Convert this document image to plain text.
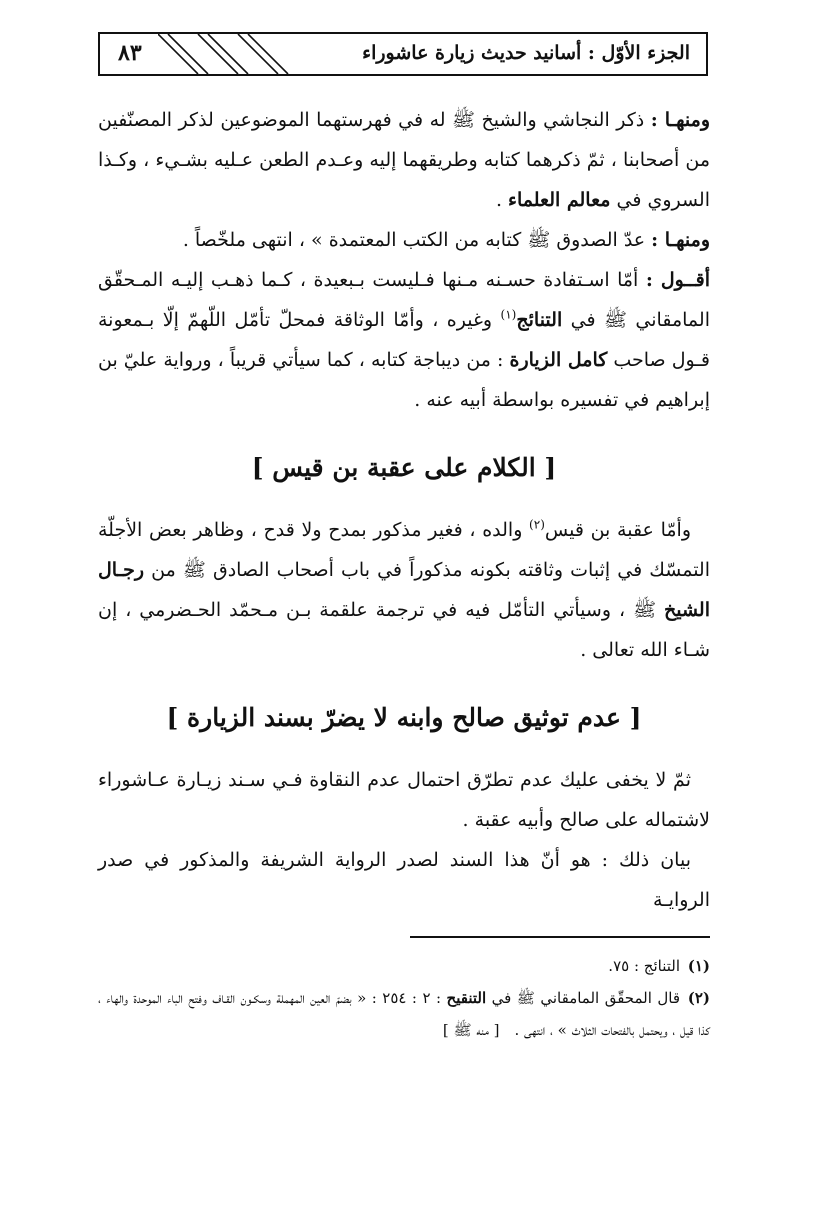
٨٣	الجزء الأوّل : أسانيد حديث زيارة عاشوراء

ومنهـا : ذكر النجاشي والشيخ ﷺ له في فهرستهما الموضوعين لذكر المصنّفين من أصحابنا ، ثمّ ذكرهما كتابه وطريقهما إليه وعـدم الطعن عـليه بشـيء ، وكـذا السروي في معالم العلماء .

ومنهـا : عدّ الصدوق ﷺ كتابه من الكتب المعتمدة » ، انتهى ملخّصاً .

أقــول : أمّا اسـتفادة حسـنه مـنها فـليست بـبعيدة ، كـما ذهـب إليـه المـحقّق المامقاني ﷺ في التنائج$^{(١)}$ وغيره ، وأمّا الوثاقة فمحلّ تأمّل اللّهمّ إلّا بـمعونة قـول صاحب كامل الزيارة : من ديباجة كتابه ، كما سيأتي قريباً ، ورواية عليّ بن إبراهيم في تفسيره بواسطة أبيه عنه .

[ الكلام على عقبة بن قيس ]

 وأمّا عقبة بن قيس$^{(٢)}$ والده ، فغير مذكور بمدح ولا قدح ، وظاهر بعض الأجلّة التمسّك في إثبات وثاقته بكونه مذكوراً في باب أصحاب الصادق ﷺ من رجـال الشيخ ﷺ ، وسيأتي التأمّل فيه في ترجمة علقمة بـن مـحمّد الحـضرمي ، إن شـاء الله تعالى .

[ عدم توثيق صالح وابنه لا يضرّ بسند الزيارة ]

 ثمّ لا يخفى عليك عدم تطرّق احتمال عدم النقاوة فـي سـند زيـارة عـاشوراء لاشتماله على صالح وأبيه عقبة .

 بيان ذلك : هو أنّ هذا السند لصدر الرواية الشريفة والمذكور في صدر الروايـة

(١)التنائج : ٧٥.

(٢)قال المحقّق المامقاني ﷺ في التنقيح : ٢ : ٢٥٤ : « بضمّ العين المهملة وسكـون القـاف وفتح الباء الموحدة والهاء ، كذا قيل ، ويحتمل بالفتحات الثلاث » ، انتهى . [ منه ﷺ ]
